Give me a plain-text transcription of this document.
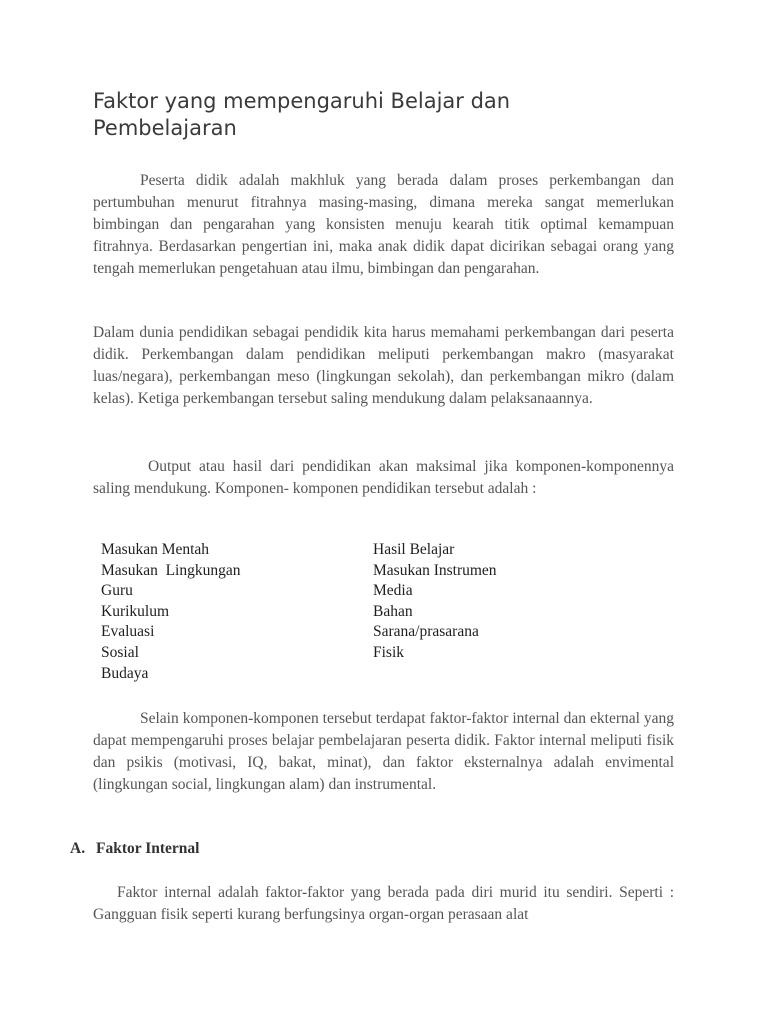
Faktor yang mempengaruhi Belajar dan Pembelajaran

Peserta didik adalah makhluk yang berada dalam proses perkembangan dan pertumbuhan menurut fitrahnya masing-masing, dimana mereka sangat memerlukan bimbingan dan pengarahan yang konsisten menuju kearah titik optimal kemampuan fitrahnya. Berdasarkan pengertian ini, maka anak didik dapat dicirikan sebagai orang yang tengah memerlukan pengetahuan atau ilmu, bimbingan dan pengarahan.

Dalam dunia pendidikan sebagai pendidik kita harus memahami perkembangan dari peserta didik. Perkembangan dalam pendidikan meliputi perkembangan makro (masyarakat luas/negara), perkembangan meso (lingkungan sekolah), dan perkembangan mikro (dalam kelas). Ketiga perkembangan tersebut saling mendukung dalam pelaksanaannya.

Output atau hasil dari pendidikan akan maksimal jika komponen-komponennya saling mendukung. Komponen- komponen pendidikan tersebut adalah :

Masukan Mentah
Masukan  Lingkungan
Guru
Kurikulum
Evaluasi
Sosial
Budaya
Hasil Belajar
Masukan Instrumen
Media
Bahan
Sarana/prasarana
Fisik

Selain komponen-komponen tersebut terdapat faktor-faktor internal dan ekternal yang dapat mempengaruhi proses belajar pembelajaran peserta didik. Faktor internal meliputi fisik dan psikis (motivasi, IQ, bakat, minat), dan faktor eksternalnya adalah envimental (lingkungan social, lingkungan alam) dan instrumental.

A. Faktor Internal

Faktor internal adalah faktor-faktor yang berada pada diri murid itu sendiri. Seperti : Gangguan fisik seperti kurang berfungsinya organ-organ perasaan alat
